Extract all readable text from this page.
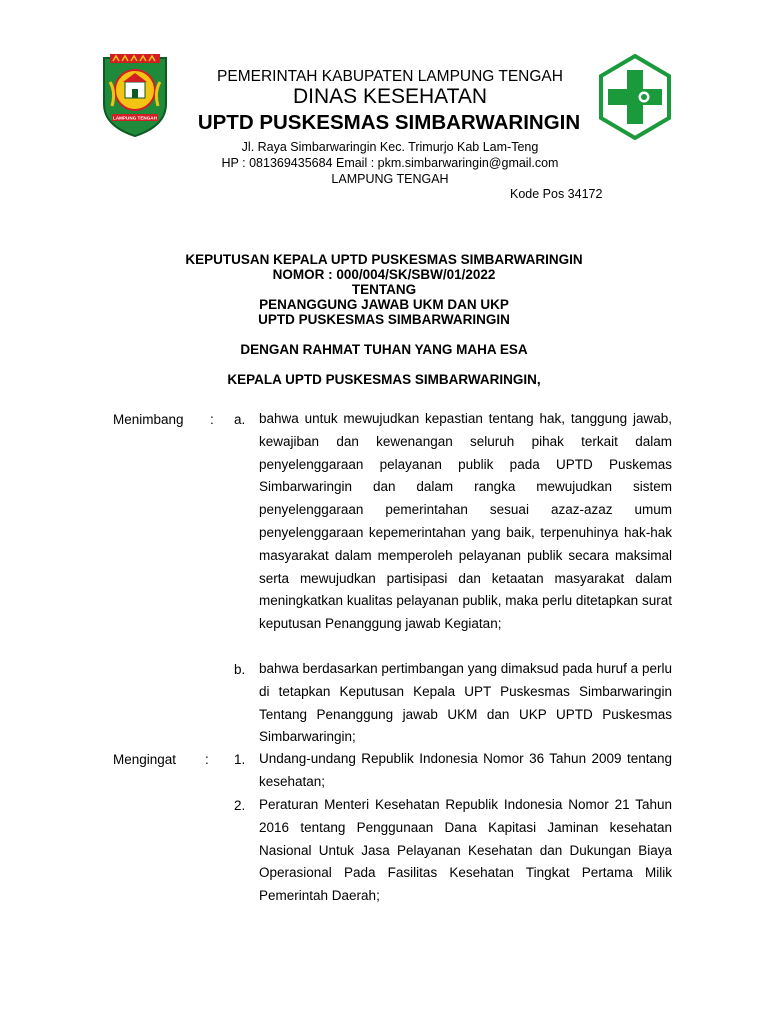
LAMPUNG TENGAH
PEMERINTAH KABUPATEN LAMPUNG TENGAH
DINAS KESEHATAN
UPTD PUSKESMAS SIMBARWARINGIN
Jl. Raya Simbarwaringin Kec. Trimurjo Kab Lam-Teng
HP : 081369435684 Email : pkm.simbarwaringin@gmail.com
LAMPUNG TENGAH
Kode Pos 34172
KEPUTUSAN KEPALA UPTD PUSKESMAS SIMBARWARINGIN
NOMOR : 000/004/SK/SBW/01/2022
TENTANG
PENANGGUNG JAWAB UKM DAN UKP
UPTD PUSKESMAS SIMBARWARINGIN
DENGAN RAHMAT TUHAN YANG MAHA ESA
KEPALA UPTD PUSKESMAS SIMBARWARINGIN,
Menimbang : a. bahwa untuk mewujudkan kepastian tentang hak, tanggung jawab, kewajiban dan kewenangan seluruh pihak terkait dalam penyelenggaraan pelayanan publik pada UPTD Puskemas Simbarwaringin dan dalam rangka mewujudkan sistem penyelenggaraan pemerintahan sesuai azaz-azaz umum penyelenggaraan kepemerintahan yang baik, terpenuhinya hak-hak masyarakat dalam memperoleh pelayanan publik secara maksimal serta mewujudkan partisipasi dan ketaatan masyarakat dalam meningkatkan kualitas pelayanan publik, maka perlu ditetapkan surat keputusan Penanggung jawab Kegiatan;
b. bahwa berdasarkan pertimbangan yang dimaksud pada huruf a perlu di tetapkan Keputusan Kepala UPT Puskesmas Simbarwaringin Tentang Penanggung jawab UKM dan UKP UPTD Puskesmas Simbarwaringin;
Mengingat : 1. Undang-undang Republik Indonesia Nomor 36 Tahun 2009 tentang kesehatan;
2. Peraturan Menteri Kesehatan Republik Indonesia Nomor 21 Tahun 2016 tentang Penggunaan Dana Kapitasi Jaminan kesehatan Nasional Untuk Jasa Pelayanan Kesehatan dan Dukungan Biaya Operasional Pada Fasilitas Kesehatan Tingkat Pertama Milik Pemerintah Daerah;
